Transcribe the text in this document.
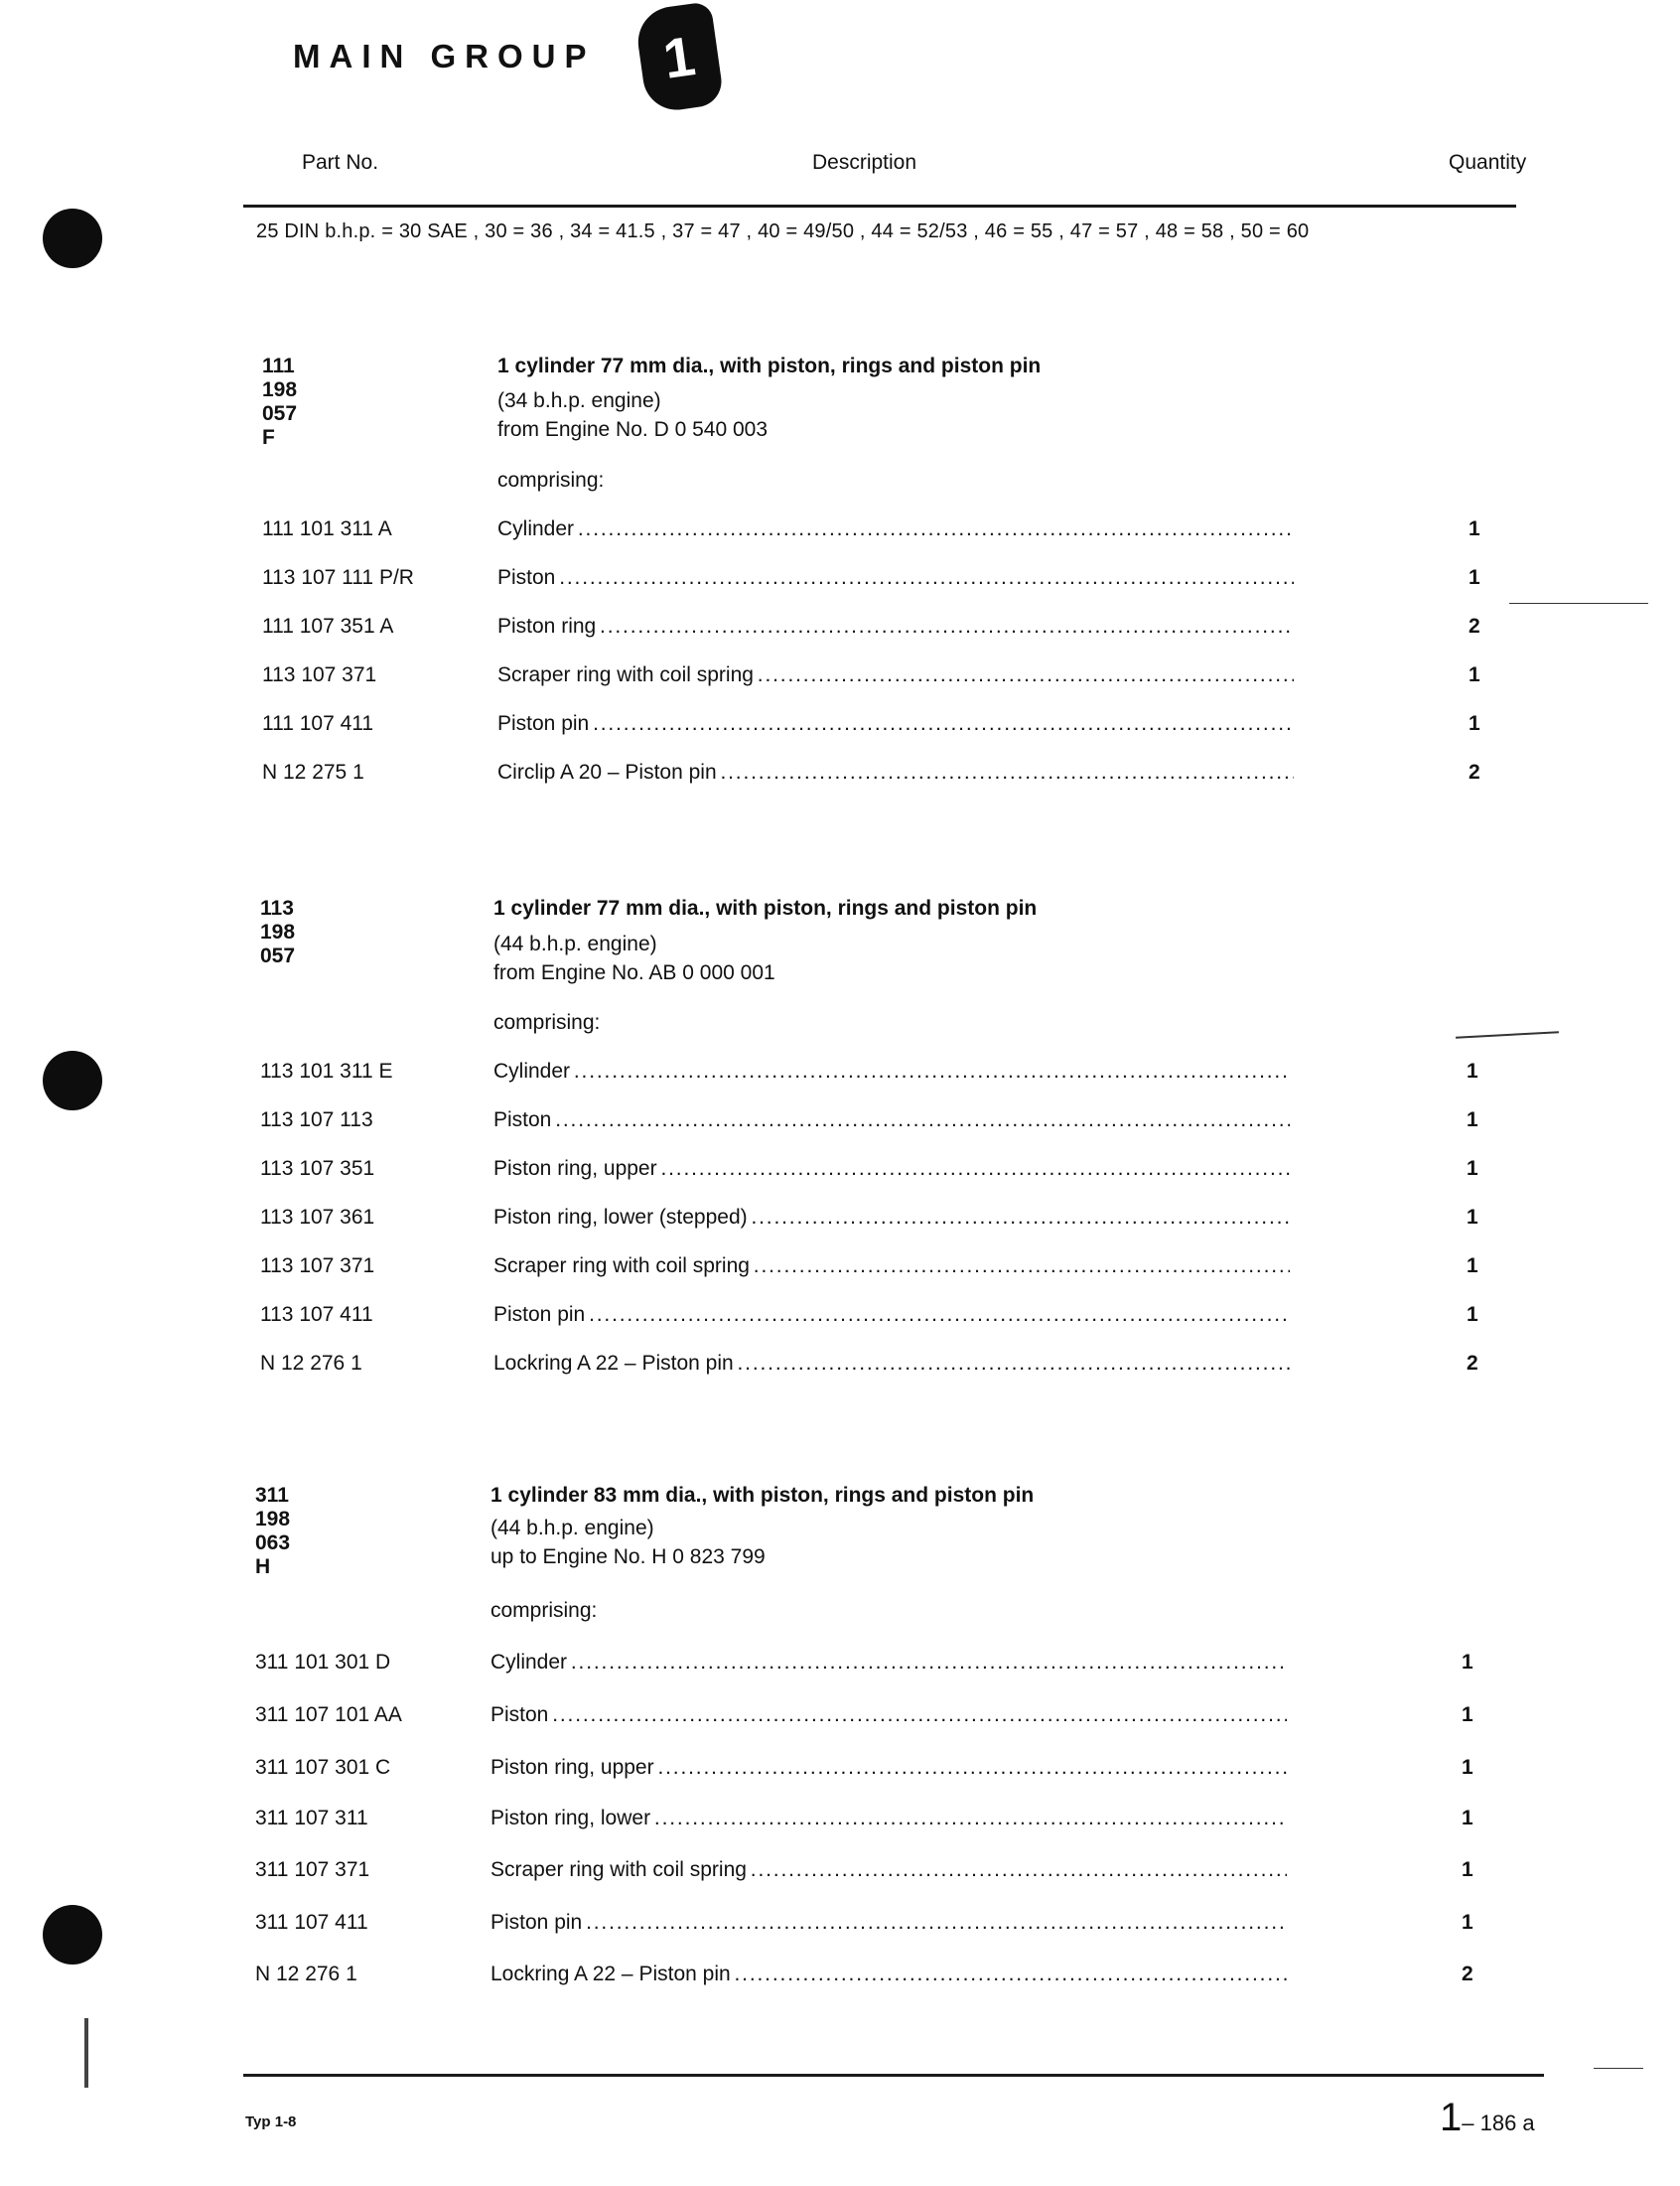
MAIN GROUP	1
Part No.	Description	Quantity
25 DIN b.h.p. = 30 SAE , 30 = 36 , 34 = 41.5 , 37 = 47 , 40 = 49/50 , 44 = 52/53 , 46 = 55 , 47 = 57 , 48 = 58 , 50 = 60
111 198 057 F
1 cylinder 77 mm dia., with piston, rings and piston pin
(34 b.h.p. engine)
from Engine No. D 0 540 003
comprising:
111 101 311 A	Cylinder . . .	1
113 107 111 P/R	Piston . . .	1
111 107 351 A	Piston ring . . .	2
113 107 371	Scraper ring with coil spring . . .	1
111 107 411	Piston pin . . .	1
N 12 275 1	Circlip A 20 – Piston pin . . .	2
113 198 057
1 cylinder 77 mm dia., with piston, rings and piston pin
(44 b.h.p. engine)
from Engine No. AB 0 000 001
comprising:
113 101 311 E	Cylinder . . .	1
113 107 113	Piston . . .	1
113 107 351	Piston ring, upper . . .	1
113 107 361	Piston ring, lower (stepped) . . .	1
113 107 371	Scraper ring with coil spring . . .	1
113 107 411	Piston pin . . .	1
N 12 276 1	Lockring A 22 – Piston pin . . .	2
311 198 063 H
1 cylinder 83 mm dia., with piston, rings and piston pin
(44 b.h.p. engine)
up to Engine No. H 0 823 799
comprising:
311 101 301 D	Cylinder . . .	1
311 107 101 AA	Piston . . .	1
311 107 301 C	Piston ring, upper . . .	1
311 107 311	Piston ring, lower . . .	1
311 107 371	Scraper ring with coil spring . . .	1
311 107 411	Piston pin . . .	1
N 12 276 1	Lockring A 22 – Piston pin . . .	2
Typ 1-8	1– 186 a
